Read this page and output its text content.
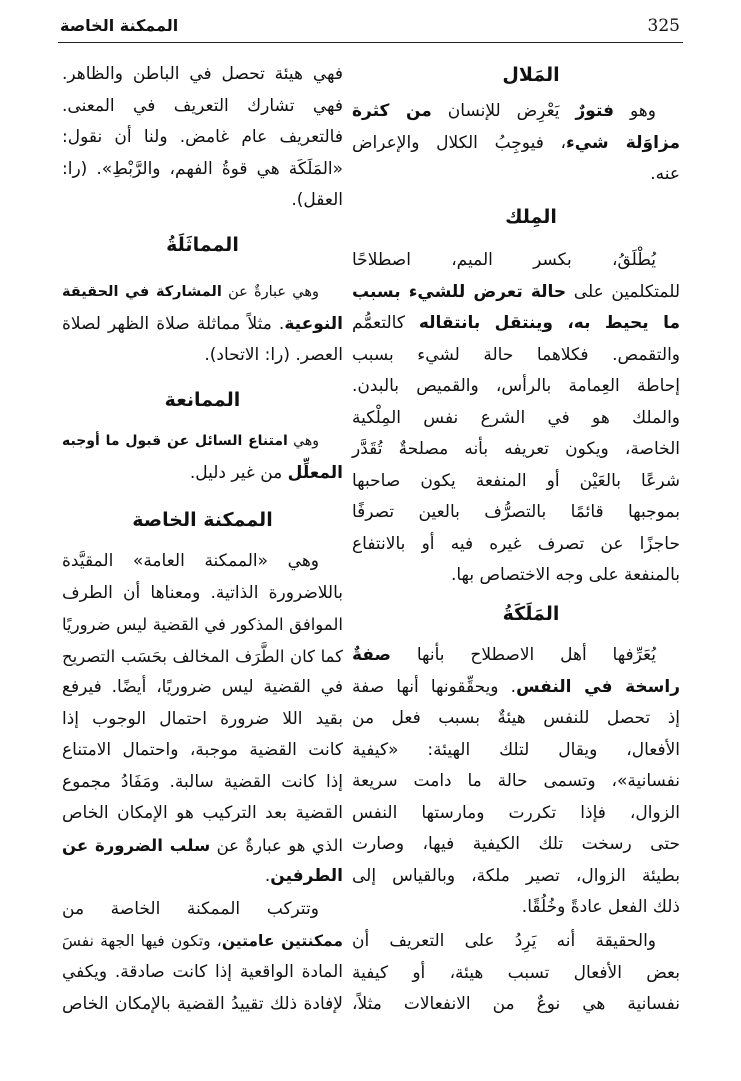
325
الممكنة الخاصة
المَلال
وهو فتورٌ يَعْرِض للإنسان من كثرة
مزاوَلة شيء، فيوجِبُ الكلال والإعراض
عنه.
المِلك
يُطْلَقُ، بكسر الميم، اصطلاحًا
للمتكلمين على حالة تعرض للشيء بسبب
ما يحيط به، وينتقل بانتقاله كالتعمُّم
والتقمص. فكلاهما حالة لشيء بسبب
إحاطة العِمامة بالرأس، والقميص بالبدن.
والملك هو في الشرع نفس المِلْكية
الخاصة، ويكون تعريفه بأنه مصلحةٌ تُقَدَّر
شرعًا بالعَيْن أو المنفعة يكون صاحبها
بموجبها قائمًا بالتصرُّف بالعين تصرفًا
حاجزًا عن تصرف غيره فيه أو بالانتفاع
بالمنفعة على وجه الاختصاص بها.
المَلَكَةُ
يُعَرِّفها أهل الاصطلاح بأنها صفةٌ
راسخة في النفس. ويحقِّقونها أنها صفة
إذ تحصل للنفس هيئةٌ بسبب فعل من
الأفعال، ويقال لتلك الهيئة: «كيفية
نفسانية»، وتسمى حالة ما دامت سريعة
الزوال، فإذا تكررت ومارستها النفس
حتى رسخت تلك الكيفية فيها، وصارت
بطيئة الزوال، تصير ملكة، وبالقياس إلى
ذلك الفعل عادةً وخُلُقًا.
والحقيقة أنه يَرِدُ على التعريف أن
بعض الأفعال تسبب هيئة، أو كيفية
نفسانية هي نوعٌ من الانفعالات مثلاً،
فهي هيئة تحصل في الباطن والظاهر.
فهي تشارك التعريف في المعنى.
فالتعريف عام غامض. ولنا أن نقول:
«المَلَكَة هي قوةُ الفهم، والرَّبْطِ». (را:
العقل).
المماثَلَةُ
وهي عبارةٌ عن المشاركة في الحقيقة
النوعية. مثلاً مماثلة صلاة الظهر لصلاة
العصر. (را: الاتحاد).
الممانعة
وهي امتناع السائل عن قبول ما أوجبه
المعلِّل من غير دليل.
الممكنة الخاصة
وهي «الممكنة العامة» المقيَّدة
باللاضرورة الذاتية. ومعناها أن الطرف
الموافق المذكور في القضية ليس ضروريًا
كما كان الطَّرَف المخالف بحَسَب التصريح
في القضية ليس ضروريًا، أيضًا. فيرفع
بقيد اللا ضرورة احتمال الوجوب إذا
كانت القضية موجبة، واحتمال الامتناع
إذا كانت القضية سالبة. ومَفَادُ مجموع
القضية بعد التركيب هو الإمكان الخاص
الذي هو عبارةٌ عن سلب الضرورة عن
الطرفين.
وتتركب الممكنة الخاصة من
ممكنتين عامتين، وتكون فيها الجهة نفسَ
المادة الواقعية إذا كانت صادقة. ويكفي
لإفادة ذلك تقييدُ القضية بالإمكان الخاص
